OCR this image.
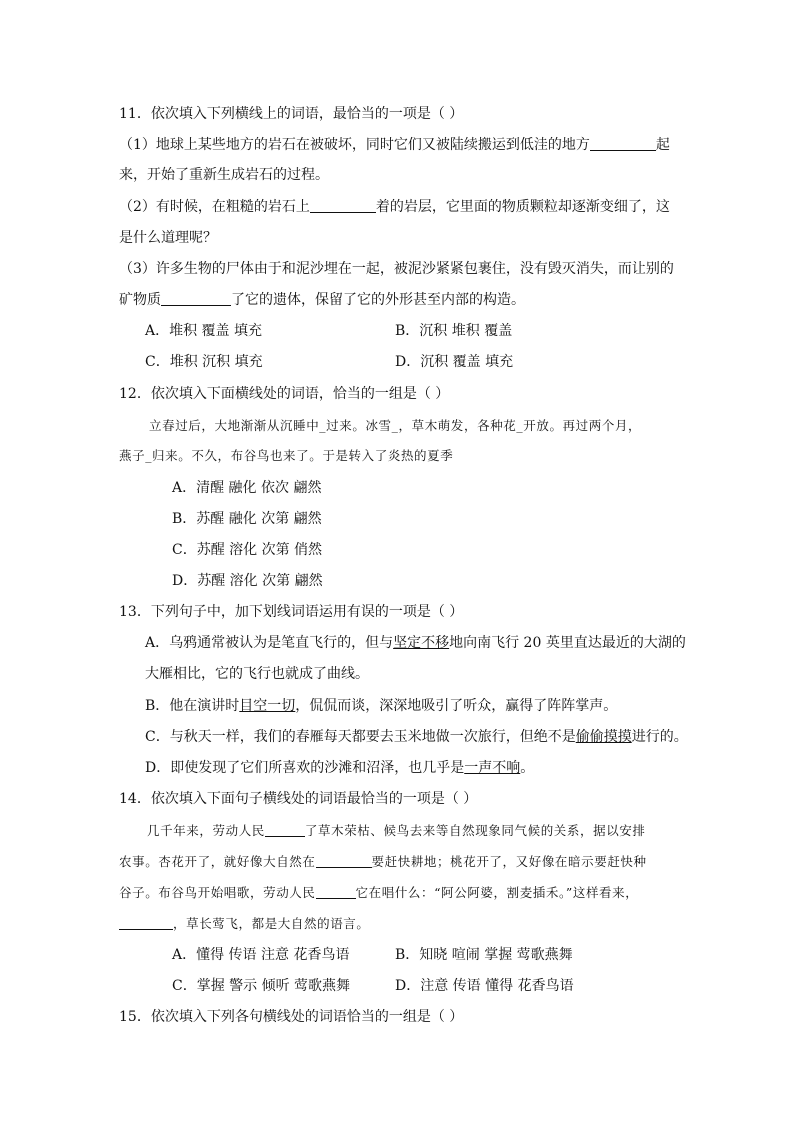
11．依次填入下列横线上的词语，最恰当的一项是（ ）
（1）地球上某些地方的岩石在被破坏，同时它们又被陆续搬运到低洼的地方	起
来，开始了重新生成岩石的过程。
（2）有时候，在粗糙的岩石上	着的岩层，它里面的物质颗粒却逐渐变细了，这
是什么道理呢？
（3）许多生物的尸体由于和泥沙埋在一起，被泥沙紧紧包裹住，没有毁灭消失，而让别的
矿物质	了它的遗体，保留了它的外形甚至内部的构造。
A．堆积 覆盖 填充	B．沉积 堆积 覆盖
C．堆积 沉积 填充	D．沉积 覆盖 填充
12．依次填入下面横线处的词语，恰当的一组是（ ）
立春过后，大地渐渐从沉睡中_过来。冰雪_，草木萌发，各种花_开放。再过两个月，
燕子_归来。不久，布谷鸟也来了。于是转入了炎热的夏季
A．清醒 融化 依次 翩然
B．苏醒 融化 次第 翩然
C．苏醒 溶化 次第 俏然
D．苏醒 溶化 次第 翩然
13．下列句子中，加下划线词语运用有误的一项是（ ）
A．乌鸦通常被认为是笔直飞行的，但与坚定不移地向南飞行 20 英里直达最近的大湖的
大雁相比，它的飞行也就成了曲线。
B．他在演讲时目空一切，侃侃而谈，深深地吸引了听众，赢得了阵阵掌声。
C．与秋天一样，我们的春雁每天都要去玉米地做一次旅行，但绝不是偷偷摸摸进行的。
D．即使发现了它们所喜欢的沙滩和沼泽，也几乎是一声不响。
14．依次填入下面句子横线处的词语最恰当的一项是（ ）
几千年来，劳动人民	了草木荣枯、候鸟去来等自然现象同气候的关系，据以安排
农事。杏花开了，就好像大自然在	要赶快耕地；桃花开了，又好像在暗示要赶快种
谷子。布谷鸟开始唱歌，劳动人民	它在唱什么：“阿公阿婆，割麦插禾。”这样看来，
，草长莺飞，都是大自然的语言。
A．懂得 传语 注意 花香鸟语	B．知晓 喧闹 掌握 莺歌燕舞
C．掌握 警示 倾听 莺歌燕舞	D．注意 传语 懂得 花香鸟语
15．依次填入下列各句横线处的词语恰当的一组是（ ）
